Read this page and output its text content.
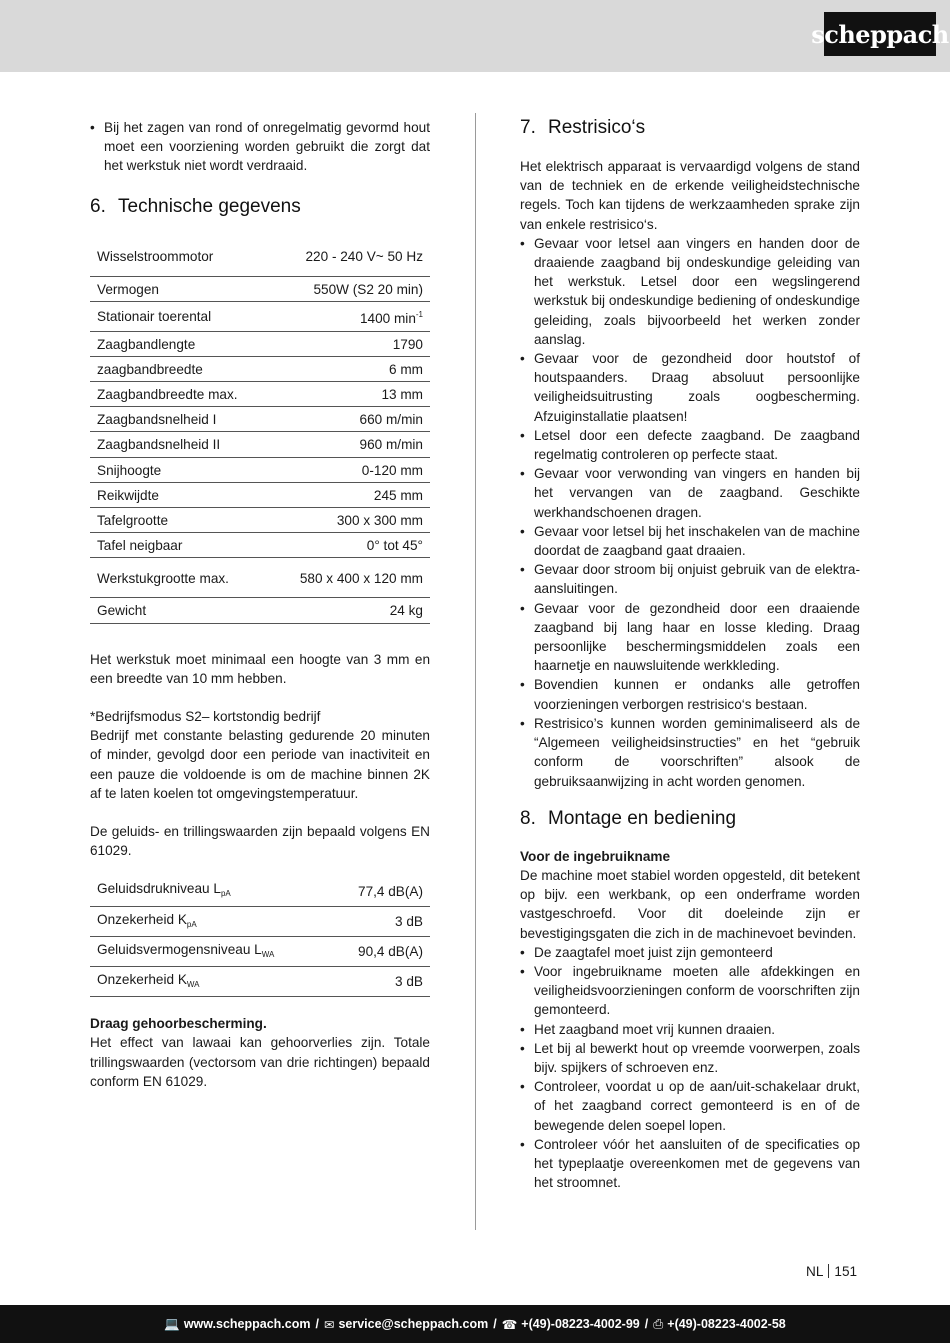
scheppach
• Bij het zagen van rond of onregelmatig gevormd hout moet een voorziening worden gebruikt die zorgt dat het werkstuk niet wordt verdraaid.
6. Technische gegevens
Wisselstroommotor	220 - 240 V~ 50 Hz
Vermogen	550W (S2 20 min)
Stationair toerental	1400 $\min^{-1}$
Zaagbandlengte	1790
zaagbandbreedte	6 mm
Zaagbandbreedte max.	13 mm
Zaagbandsnelheid I	660 m/min
Zaagbandsnelheid II	960 m/min
Snijhoogte	0-120 mm
Reikwijdte	245 mm
Tafelgrootte	300 x 300 mm
Tafel neigbaar	0° tot 45°
Werkstukgrootte max.	580 x 400 x 120 mm
Gewicht	24 kg

Het werkstuk moet minimaal een hoogte van 3 mm en een breedte van 10 mm hebben.

*Bedrijfsmodus S2– kortstondig bedrijf

Bedrijf met constante belasting gedurende 20 minuten of minder, gevolgd door een periode van inactiviteit en een pauze die voldoende is om de machine binnen 2K af te laten koelen tot omgevingstemperatuur.

De geluids- en trillingswaarden zijn bepaald volgens EN 61029.

Geluidsdrukniveau $L_{pA}$	77,4 dB(A)
Onzekerheid $K_{pA}$	3 dB
Geluidsvermogensniveau $L_{WA}$	90,4 dB(A)
Onzekerheid $K_{WA}$	3 dB

Draag gehoorbescherming.

Het effect van lawaai kan gehoorverlies zijn. Totale trillingswaarden (vectorsom van drie richtingen) bepaald conform EN 61029.

7. Restrisico‘s

Het elektrisch apparaat is vervaardigd volgens de stand van de techniek en de erkende veiligheidstechnische regels. Toch kan tijdens de werkzaamheden sprake zijn van enkele restrisico‘s.

• Gevaar voor letsel aan vingers en handen door de draaiende zaagband bij ondeskundige geleiding van het werkstuk. Letsel door een wegslingerend werkstuk bij ondeskundige bediening of ondeskundige geleiding, zoals bijvoorbeeld het werken zonder aanslag.
• Gevaar voor de gezondheid door houtstof of houtspaanders. Draag absoluut persoonlijke veiligheidsuitrusting zoals oogbescherming. Afzuiginstallatie plaatsen!
• Letsel door een defecte zaagband. De zaagband regelmatig controleren op perfecte staat.
• Gevaar voor verwonding van vingers en handen bij het vervangen van de zaagband. Geschikte werkhandschoenen dragen.
• Gevaar voor letsel bij het inschakelen van de machine doordat de zaagband gaat draaien.
• Gevaar door stroom bij onjuist gebruik van de elektra-aansluitingen.
• Gevaar voor de gezondheid door een draaiende zaagband bij lang haar en losse kleding. Draag persoonlijke beschermingsmiddelen zoals een haarnetje en nauwsluitende werkkleding.
• Bovendien kunnen er ondanks alle getroffen voorzieningen verborgen restrisico‘s bestaan.
• Restrisico’s kunnen worden geminimaliseerd als de “Algemeen veiligheidsinstructies” en het “gebruik conform de voorschriften” alsook de gebruiksaanwijzing in acht worden genomen.
8. Montage en bediening

Voor de ingebruikname

De machine moet stabiel worden opgesteld, dit betekent op bijv. een werkbank, op een onderframe worden vastgeschroefd. Voor dit doeleinde zijn er bevestigingsgaten die zich in de machinevoet bevinden.

• De zaagtafel moet juist zijn gemonteerd
• Voor ingebruikname moeten alle afdekkingen en veiligheidsvoorzieningen conform de voorschriften zijn gemonteerd.
• Het zaagband moet vrij kunnen draaien.
• Let bij al bewerkt hout op vreemde voorwerpen, zoals bijv. spijkers of schroeven enz.
• Controleer, voordat u op de aan/uit-schakelaar drukt, of het zaagband correct gemonteerd is en of de bewegende delen soepel lopen.
• Controleer vóór het aansluiten of de specificaties op het typeplaatje overeenkomen met de gegevens van het stroomnet.
NL 151
💻 www.scheppach.com / ✉ service@scheppach.com / ☎ +(49)-08223-4002-99 / ⎙ +(49)-08223-4002-58
